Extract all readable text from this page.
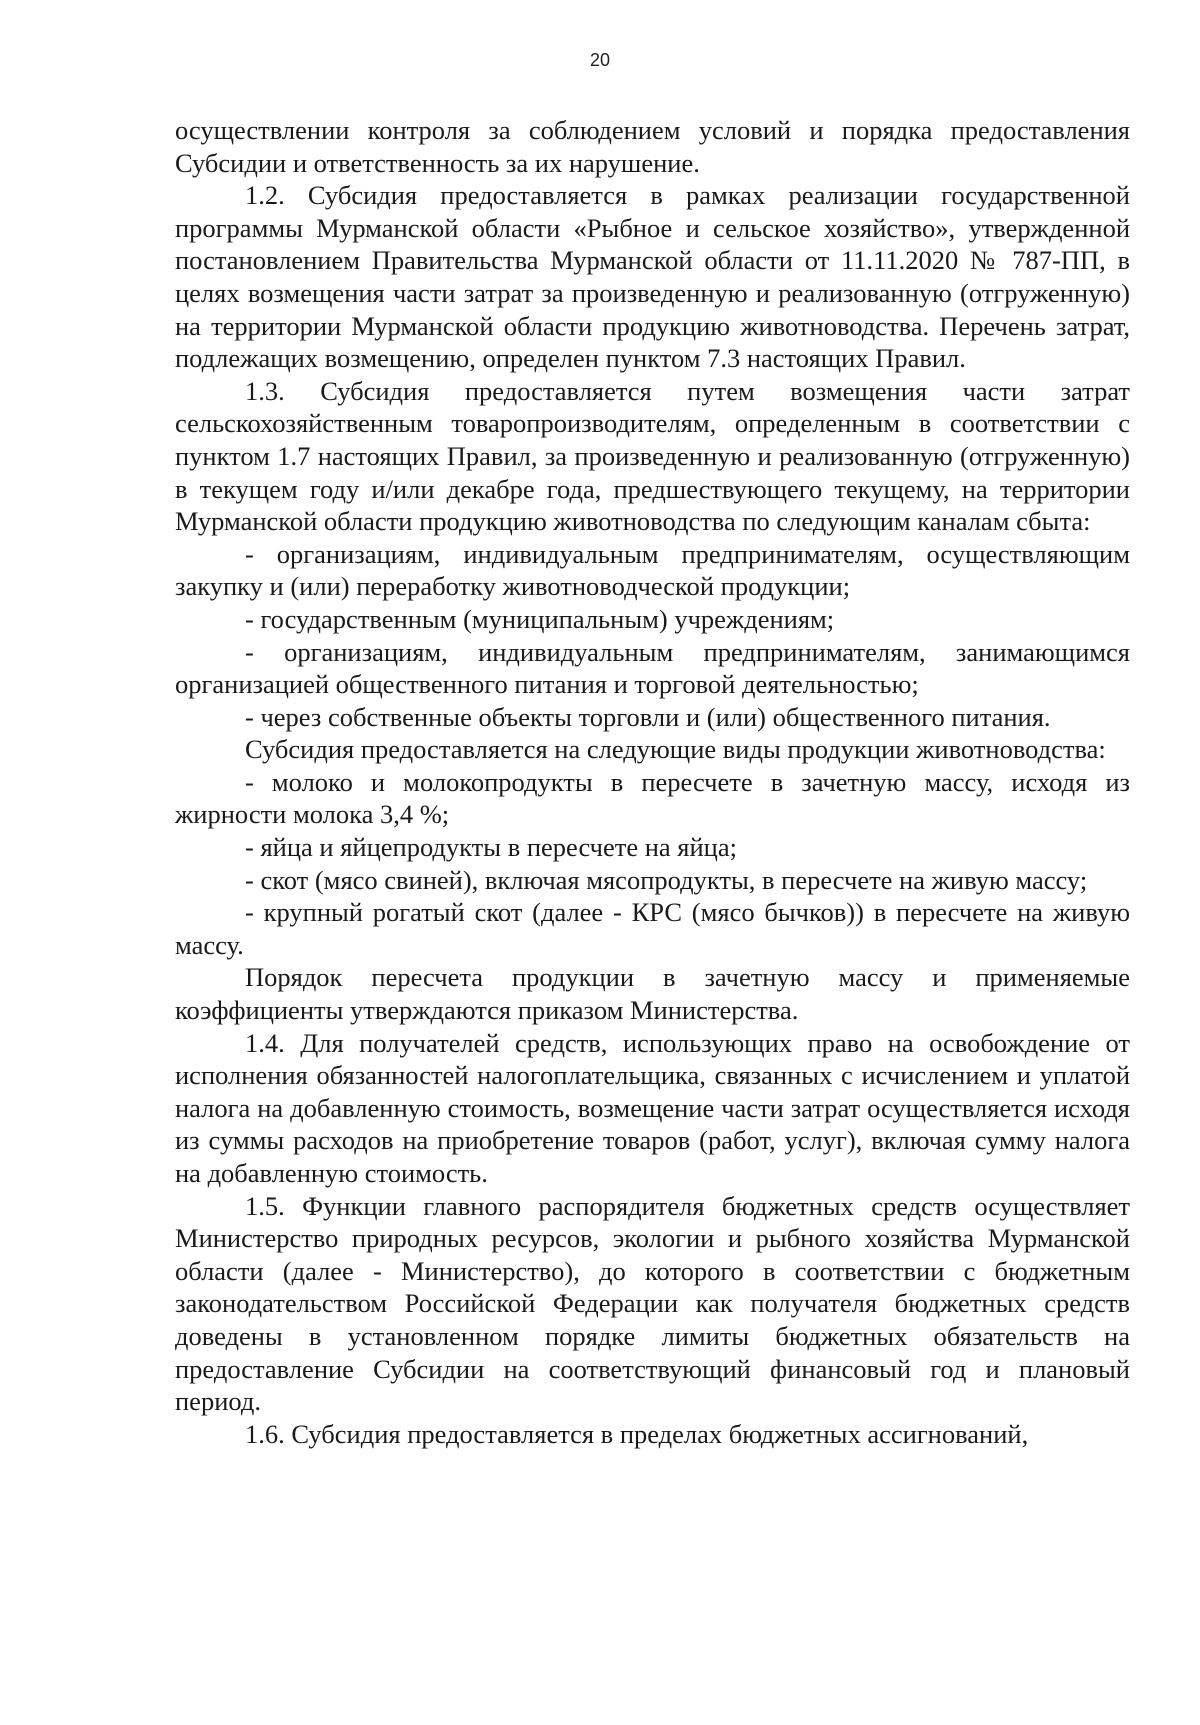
20

осуществлении контроля за соблюдением условий и порядка предоставления Субсидии и ответственность за их нарушение.

1.2. Субсидия предоставляется в рамках реализации государственной программы Мурманской области «Рыбное и сельское хозяйство», утвержденной постановлением Правительства Мурманской области от 11.11.2020 № 787-ПП, в целях возмещения части затрат за произведенную и реализованную (отгруженную) на территории Мурманской области продукцию животноводства. Перечень затрат, подлежащих возмещению, определен пунктом 7.3 настоящих Правил.

1.3. Субсидия предоставляется путем возмещения части затрат сельскохозяйственным товаропроизводителям, определенным в соответствии с пунктом 1.7 настоящих Правил, за произведенную и реализованную (отгруженную) в текущем году и/или декабре года, предшествующего текущему, на территории Мурманской области продукцию животноводства по следующим каналам сбыта:

- организациям, индивидуальным предпринимателям, осуществляющим закупку и (или) переработку животноводческой продукции;

- государственным (муниципальным) учреждениям;

- организациям, индивидуальным предпринимателям, занимающимся организацией общественного питания и торговой деятельностью;

- через собственные объекты торговли и (или) общественного питания.

Субсидия предоставляется на следующие виды продукции животноводства:

- молоко и молокопродукты в пересчете в зачетную массу, исходя из жирности молока 3,4 %;

- яйца и яйцепродукты в пересчете на яйца;

- скот (мясо свиней), включая мясопродукты, в пересчете на живую массу;

- крупный рогатый скот (далее - КРС (мясо бычков)) в пересчете на живую массу.

Порядок пересчета продукции в зачетную массу и применяемые коэффициенты утверждаются приказом Министерства.

1.4. Для получателей средств, использующих право на освобождение от исполнения обязанностей налогоплательщика, связанных с исчислением и уплатой налога на добавленную стоимость, возмещение части затрат осуществляется исходя из суммы расходов на приобретение товаров (работ, услуг), включая сумму налога на добавленную стоимость.

1.5. Функции главного распорядителя бюджетных средств осуществляет Министерство природных ресурсов, экологии и рыбного хозяйства Мурманской области (далее - Министерство), до которого в соответствии с бюджетным законодательством Российской Федерации как получателя бюджетных средств доведены в установленном порядке лимиты бюджетных обязательств на предоставление Субсидии на соответствующий финансовый год и плановый период.

1.6. Субсидия предоставляется в пределах бюджетных ассигнований,
